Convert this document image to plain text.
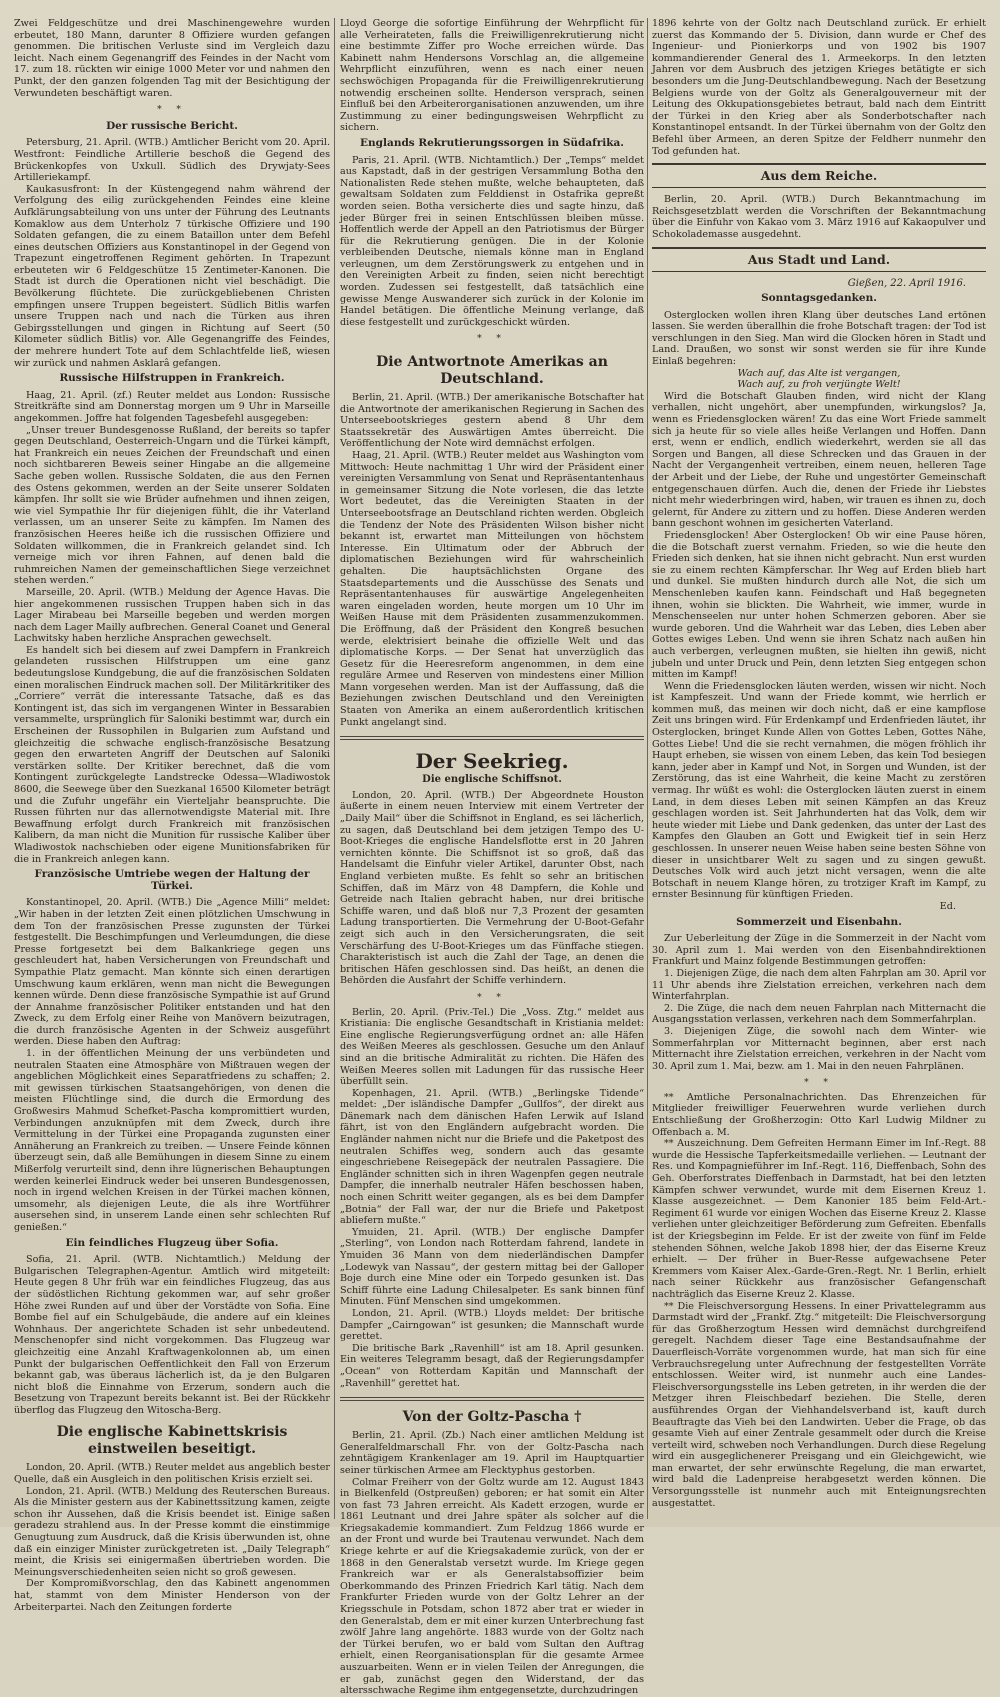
Zwei Feldgeschütze und drei Maschinengewehre wurden erbeutet, 180 Mann, darunter 8 Offiziere wurden gefangen genommen. Die britischen Verluste sind im Vergleich dazu leicht. Nach einem Gegenangriff des Feindes in der Nacht vom 17. zum 18. rückten wir einige 1000 Meter vor und nahmen den Punkt, der den ganzen folgenden Tag mit der Besichtigung der Verwundeten beschäftigt waren.

* *
Der russische Bericht.

Petersburg, 21. April. (WTB.) Amtlicher Bericht vom 20. April. Westfront: Feindliche Artillerie beschoß die Gegend des Brückenkopfes von Uxkull. Südlich des Drywjaty-Sees Artilleriekampf.

Kaukasusfront: In der Küstengegend nahm während der Verfolgung des eilig zurückgehenden Feindes eine kleine Aufklärungsabteilung von uns unter der Führung des Leutnants Komaklow aus dem Unterholz 7 türkische Offiziere und 190 Soldaten gefangen, die zu einem Bataillon unter dem Befehl eines deutschen Offiziers aus Konstantinopel in der Gegend von Trapezunt eingetroffenen Regiment gehörten. In Trapezunt erbeuteten wir 6 Feldgeschütze 15 Zentimeter-Kanonen. Die Stadt ist durch die Operationen nicht viel beschädigt. Die Bevölkerung flüchtete. Die zurückgebliebenen Christen empfingen unsere Truppen begeistert. Südlich Bitlis warfen unsere Truppen nach und nach die Türken aus ihren Gebirgsstellungen und gingen in Richtung auf Seert (50 Kilometer südlich Bitlis) vor. Alle Gegenangriffe des Feindes, der mehrere hundert Tote auf dem Schlachtfelde ließ, wiesen wir zurück und nahmen Asklarâ gefangen.

Russische Hilfstruppen in Frankreich.

Haag, 21. April. (zf.) Reuter meldet aus London: Russische Streitkräfte sind am Donnerstag morgen um 9 Uhr in Marseille angekommen. Joffre hat folgenden Tagesbefehl ausgegeben:

„Unser treuer Bundesgenosse Rußland, der bereits so tapfer gegen Deutschland, Oesterreich-Ungarn und die Türkei kämpft, hat Frankreich ein neues Zeichen der Freundschaft und einen noch sichtbareren Beweis seiner Hingabe an die allgemeine Sache geben wollen. Russische Soldaten, die aus den Fernen des Ostens gekommen, werden an der Seite unserer Soldaten kämpfen. Ihr sollt sie wie Brüder aufnehmen und ihnen zeigen, wie viel Sympathie Ihr für diejenigen fühlt, die ihr Vaterland verlassen, um an unserer Seite zu kämpfen. Im Namen des französischen Heeres heiße ich die russischen Offiziere und Soldaten willkommen, die in Frankreich gelandet sind. Ich verneige mich vor ihren Fahnen, auf denen bald die ruhmreichen Namen der gemeinschaftlichen Siege verzeichnet stehen werden.“

Marseille, 20. April. (WTB.) Meldung der Agence Havas. Die hier angekommenen russischen Truppen haben sich in das Lager Mirabeau bei Marseille begeben und werden morgen nach dem Lager Mailly aufbrechen. General Coanet und General Lachwitsky haben herzliche Ansprachen gewechselt.

Es handelt sich bei diesem auf zwei Dampfern in Frankreich gelandeten russischen Hilfstruppen um eine ganz bedeutungslose Kundgebung, die auf die französischen Soldaten einen moralischen Eindruck machen soll. Der Militärkritiker des „Corriere“ verrät die interessante Tatsache, daß es das Kontingent ist, das sich im vergangenen Winter in Bessarabien versammelte, ursprünglich für Saloniki bestimmt war, durch ein Erscheinen der Russophilen in Bulgarien zum Aufstand und gleichzeitig die schwache englisch-französische Besatzung gegen den erwarteten Angriff der Deutschen auf Saloniki verstärken sollte. Der Kritiker berechnet, daß die vom Kontingent zurückgelegte Landstrecke Odessa—Wladiwostok 8600, die Seewege über den Suezkanal 16500 Kilometer beträgt und die Zufuhr ungefähr ein Vierteljahr beanspruchte. Die Russen führten nur das allernotwendigste Material mit. Ihre Bewaffnung erfolgt durch Frankreich mit französischen Kalibern, da man nicht die Munition für russische Kaliber über Wladiwostok nachschieben oder eigene Munitionsfabriken für die in Frankreich anlegen kann.

Französische Umtriebe wegen der Haltung der Türkei.

Konstantinopel, 20. April. (WTB.) Die „Agence Milli“ meldet: „Wir haben in der letzten Zeit einen plötzlichen Umschwung in dem Ton der französischen Presse zugunsten der Türkei festgestellt. Die Beschimpfungen und Verleumdungen, die diese Presse fortgesetzt bei dem Balkankriege gegen uns geschleudert hat, haben Versicherungen von Freundschaft und Sympathie Platz gemacht. Man könnte sich einen derartigen Umschwung kaum erklären, wenn man nicht die Bewegungen kennen würde. Denn diese französische Sympathie ist auf Grund der Annahme französischer Politiker entstanden und hat den Zweck, zu dem Erfolg einer Reihe von Manövern beizutragen, die durch französische Agenten in der Schweiz ausgeführt werden. Diese haben den Auftrag:

1. in der öffentlichen Meinung der uns verbündeten und neutralen Staaten eine Atmosphäre von Mißtrauen wegen der angeblichen Möglichkeit eines Separatfriedens zu schaffen; 2. mit gewissen türkischen Staatsangehörigen, von denen die meisten Flüchtlinge sind, die durch die Ermordung des Großwesirs Mahmud Schefket-Pascha kompromittiert wurden, Verbindungen anzuknüpfen mit dem Zweck, durch ihre Vermittelung in der Türkei eine Propaganda zugunsten einer Annäherung an Frankreich zu treiben. — Unsere Feinde können überzeugt sein, daß alle Bemühungen in diesem Sinne zu einem Mißerfolg verurteilt sind, denn ihre lügnerischen Behauptungen werden keinerlei Eindruck weder bei unseren Bundesgenossen, noch in irgend welchen Kreisen in der Türkei machen können, umsomehr, als diejenigen Leute, die als ihre Wortführer ausersehen sind, in unserem Lande einen sehr schlechten Ruf genießen.“

Ein feindliches Flugzeug über Sofia.

Sofia, 21. April. (WTB. Nichtamtlich.) Meldung der Bulgarischen Telegraphen-Agentur. Amtlich wird mitgeteilt: Heute gegen 8 Uhr früh war ein feindliches Flugzeug, das aus der südöstlichen Richtung gekommen war, auf sehr großer Höhe zwei Runden auf und über der Vorstädte von Sofia. Eine Bombe fiel auf ein Schulgebäude, die andere auf ein kleines Wohnhaus. Der angerichtete Schaden ist sehr unbedeutend. Menschenopfer sind nicht vorgekommen. Das Flugzeug war gleichzeitig eine Anzahl Kraftwagenkolonnen ab, um einen Punkt der bulgarischen Oeffentlichkeit den Fall von Erzerum bekannt gab, was überaus lächerlich ist, da je den Bulgaren nicht bloß die Einnahme von Erzerum, sondern auch die Besetzung von Trapezunt bereits bekannt ist. Bei der Rückkehr überflog das Flugzeug den Witoscha-Berg.

Die englische Kabinettskrisis einstweilen beseitigt.

London, 20. April. (WTB.) Reuter meldet aus angeblich bester Quelle, daß ein Ausgleich in den politischen Krisis erzielt sei.

London, 21. April. (WTB.) Meldung des Reuterschen Bureaus. Als die Minister gestern aus der Kabinettssitzung kamen, zeigte schon ihr Aussehen, daß die Krisis beendet ist. Einige saßen geradezu strahlend aus. In der Presse kommt die einstimmige Genugtuung zum Ausdruck, daß die Krisis überwunden ist, ohne daß ein einziger Minister zurückgetreten ist. „Daily Telegraph“ meint, die Krisis sei einigermaßen übertrieben worden. Die Meinungsverschiedenheiten seien nicht so groß gewesen.

Der Kompromißvorschlag, den das Kabinett angenommen hat, stammt von dem Minister Henderson von der Arbeiterpartei. Nach den Zeitungen forderte

Lloyd George die sofortige Einführung der Wehrpflicht für alle Verheirateten, falls die Freiwilligenrekrutierung nicht eine bestimmte Ziffer pro Woche erreichen würde. Das Kabinett nahm Hendersons Vorschlag an, die allgemeine Wehrpflicht einzuführen, wenn es nach einer neuen sechswöchigen Propaganda für die Freiwilligenrekrutierung notwendig erscheinen sollte. Henderson versprach, seinen Einfluß bei den Arbeiterorganisationen anzuwenden, um ihre Zustimmung zu einer bedingungsweisen Wehrpflicht zu sichern.

Englands Rekrutierungssorgen in Südafrika.

Paris, 21. April. (WTB. Nichtamtlich.) Der „Temps“ meldet aus Kapstadt, daß in der gestrigen Versammlung Botha den Nationalisten Rede stehen mußte, welche behaupteten, daß gewaltsam Soldaten zum Felddienst in Ostafrika gepreßt worden seien. Botha versicherte dies und sagte hinzu, daß jeder Bürger frei in seinen Entschlüssen bleiben müsse. Hoffentlich werde der Appell an den Patriotismus der Bürger für die Rekrutierung genügen. Die in der Kolonie verbleibenden Deutsche, niemals könne man in England verleugnen, um dem Zerstörungswerk zu entgehen und in den Vereinigten Arbeit zu finden, seien nicht berechtigt worden. Zudessen sei festgestellt, daß tatsächlich eine gewisse Menge Auswanderer sich zurück in der Kolonie im Handel betätigen. Die öffentliche Meinung verlange, daß diese festgestellt und zurückgeschickt würden.

* *
Die Antwortnote Amerikas an Deutschland.

Berlin, 21. April. (WTB.) Der amerikanische Botschafter hat die Antwortnote der amerikanischen Regierung in Sachen des Unterseebootskrieges gestern abend 8 Uhr dem Staatssekretär des Auswärtigen Amtes überreicht. Die Veröffentlichung der Note wird demnächst erfolgen.

Haag, 21. April. (WTB.) Reuter meldet aus Washington vom Mittwoch: Heute nachmittag 1 Uhr wird der Präsident einer vereinigten Versammlung von Senat und Repräsentantenhaus in gemeinsamer Sitzung die Note vorlesen, die das letzte Wort bedeutet, das die Vereinigten Staaten in der Unterseebootsfrage an Deutschland richten werden. Obgleich die Tendenz der Note des Präsidenten Wilson bisher nicht bekannt ist, erwartet man Mitteilungen von höchstem Interesse. Ein Ultimatum oder der Abbruch der diplomatischen Beziehungen wird für wahrscheinlich gehalten. Die hauptsächlichsten Organe des Staatsdepartements und die Ausschüsse des Senats und Repräsentantenhauses für auswärtige Angelegenheiten waren eingeladen worden, heute morgen um 10 Uhr im Weißen Hause mit dem Präsidenten zusammenzukommen. Die Eröffnung, daß der Präsident den Kongreß besuchen werde, elektrisiert beinahe die offizielle Welt und das diplomatische Korps. — Der Senat hat unverzüglich das Gesetz für die Heeresreform angenommen, in dem eine reguläre Armee und Reserven von mindestens einer Million Mann vorgesehen werden. Man ist der Auffassung, daß die Beziehungen zwischen Deutschland und den Vereinigten Staaten von Amerika an einem außerordentlich kritischen Punkt angelangt sind.

Der Seekrieg.
Die englische Schiffsnot.

London, 20. April. (WTB.) Der Abgeordnete Houston äußerte in einem neuen Interview mit einem Vertreter der „Daily Mail“ über die Schiffsnot in England, es sei lächerlich, zu sagen, daß Deutschland bei dem jetzigen Tempo des U-Boot-Krieges die englische Handelsflotte erst in 20 Jahren vernichten könnte. Die Schiffsnot ist so groß, daß das Handelsamt die Einfuhr vieler Artikel, darunter Obst, nach England verbieten mußte. Es fehlt so sehr an britischen Schiffen, daß im März von 48 Dampfern, die Kohle und Getreide nach Italien gebracht haben, nur drei britische Schiffe waren, und daß bloß nur 7,3 Prozent der gesamten Ladung transportierten. Die Vermehrung der U-Boot-Gefahr zeigt sich auch in den Versicherungsraten, die seit Verschärfung des U-Boot-Krieges um das Fünffache stiegen. Charakteristisch ist auch die Zahl der Tage, an denen die britischen Häfen geschlossen sind. Das heißt, an denen die Behörden die Ausfahrt der Schiffe verhindern.

* *

Berlin, 20. April. (Priv.-Tel.) Die „Voss. Ztg.“ meldet aus Kristiania: Die englische Gesandtschaft in Kristiania meldet: Eine englische Regierungsverfügung ordnet an: alle Häfen des Weißen Meeres als geschlossen. Gesuche um den Anlauf sind an die britische Admiralität zu richten. Die Häfen des Weißen Meeres sollen mit Ladungen für das russische Heer überfüllt sein.

Kopenhagen, 21. April. (WTB.) „Berlingske Tidende“ meldet: „Der isländische Dampfer „Gullfos“, der direkt aus Dänemark nach dem dänischen Hafen Lerwik auf Island fährt, ist von den Engländern aufgebracht worden. Die Engländer nahmen nicht nur die Briefe und die Paketpost des neutralen Schiffes weg, sondern auch das gesamte eingeschriebene Reisegepäck der neutralen Passagiere. Die Engländer schnitten sich in ihren Wagenpfen gegen neutrale Dampfer, die innerhalb neutraler Häfen beschossen haben, noch einen Schritt weiter gegangen, als es bei dem Dampfer „Botnia“ der Fall war, der nur die Briefe und Paketpost abliefern mußte.“

Ymuiden, 21. April. (WTB.) Der englische Dampfer „Sterling“, von London nach Rotterdam fahrend, landete in Ymuiden 36 Mann von dem niederländischen Dampfer „Lodewyk van Nassau“, der gestern mittag bei der Galloper Boje durch eine Mine oder ein Torpedo gesunken ist. Das Schiff führte eine Ladung Chilesalpeter. Es sank binnen fünf Minuten. Fünf Menschen sind umgekommen.

London, 21. April. (WTB.) Lloyds meldet: Der britische Dampfer „Cairngowan“ ist gesunken; die Mannschaft wurde gerettet.

Die britische Bark „Ravenhill“ ist am 18. April gesunken. Ein weiteres Telegramm besagt, daß der Regierungsdampfer „Ocean“ von Rotterdam Kapitän und Mannschaft der „Ravenhill“ gerettet hat.

Von der Goltz-Pascha †

Berlin, 21. April. (Zb.) Nach einer amtlichen Meldung ist Generalfeldmarschall Fhr. von der Goltz-Pascha nach zehntägigem Krankenlager am 19. April im Hauptquartier seiner türkischen Armee am Flecktyphus gestorben.

Colmar Freiherr von der Goltz wurde am 12. August 1843 in Bielkenfeld (Ostpreußen) geboren; er hat somit ein Alter von fast 73 Jahren erreicht. Als Kadett erzogen, wurde er 1861 Leutnant und drei Jahre später als solcher auf die Kriegsakademie kommandiert. Zum Feldzug 1866 wurde er an der Front und wurde bei Trautenau verwundet. Nach dem Kriege kehrte er auf die Kriegsakademie zurück, von der er 1868 in den Generalstab versetzt wurde. Im Kriege gegen Frankreich war er als Generalstabsoffizier beim Oberkommando des Prinzen Friedrich Karl tätig. Nach dem Frankfurter Frieden wurde von der Goltz Lehrer an der Kriegsschule in Potsdam, schon 1872 aber trat er wieder in den Generalstab, dem er mit einer kurzen Unterbrechung fast zwölf Jahre lang angehörte. 1883 wurde von der Goltz nach der Türkei berufen, wo er bald vom Sultan den Auftrag erhielt, einen Reorganisationsplan für die gesamte Armee auszuarbeiten. Wenn er in vielen Teilen der Anregungen, die er gab, zunächst gegen den Widerstand, der das altersschwache Regime ihm entgegensetzte, durchzudringen

1896 kehrte von der Goltz nach Deutschland zurück. Er erhielt zuerst das Kommando der 5. Division, dann wurde er Chef des Ingenieur- und Pionierkorps und von 1902 bis 1907 kommandierender General des 1. Armeekorps. In den letzten Jahren vor dem Ausbruch des jetzigen Krieges betätigte er sich besonders um die Jung-Deutschlandbewegung. Nach der Besetzung Belgiens wurde von der Goltz als Generalgouverneur mit der Leitung des Okkupationsgebietes betraut, bald nach dem Eintritt der Türkei in den Krieg aber als Sonderbotschafter nach Konstantinopel entsandt. In der Türkei übernahm von der Goltz den Befehl über Armeen, an deren Spitze der Feldherr nunmehr den Tod gefunden hat.

Aus dem Reiche.

Berlin, 20. April. (WTB.) Durch Bekanntmachung im Reichsgesetzblatt werden die Vorschriften der Bekanntmachung über die Einfuhr von Kakao vom 3. März 1916 auf Kakaopulver und Schokolademasse ausgedehnt.

Aus Stadt und Land.
Gießen, 22. April 1916.
Sonntagsgedanken.

Osterglocken wollen ihren Klang über deutsches Land ertönen lassen. Sie werden überallhin die frohe Botschaft tragen: der Tod ist verschlungen in den Sieg. Man wird die Glocken hören in Stadt und Land. Draußen, wo sonst wir sonst werden sie für ihre Kunde Einlaß begehren:

Wach auf, das Alte ist vergangen,

Wach auf, zu froh verjüngte Welt!

Wird die Botschaft Glauben finden, wird nicht der Klang verhallen, nicht ungehört, aber unempfunden, wirkungslos? Ja, wenn es Friedensglocken wären! Zu das eine Wort Friede sammelt sich ja heute für so viele alles heiße Verlangen und Hoffen. Dann erst, wenn er endlich, endlich wiederkehrt, werden sie all das Sorgen und Bangen, all diese Schrecken und das Grauen in der Nacht der Vergangenheit vertreiben, einem neuen, helleren Tage der Arbeit und der Liebe, der Ruhe und ungestörter Gemeinschaft entgegenschauen dürfen. Auch die, denen der Friede ihr Liebstes nicht mehr wiederbringen wird, haben, wir trauen es ihnen zu, doch gelernt, für Andere zu zittern und zu hoffen. Diese Anderen werden bann geschont wohnen im gesicherten Vaterland.

Friedensglocken! Aber Osterglocken! Ob wir eine Pause hören, die die Botschaft zuerst vernahm. Frieden, so wie die heute den Frieden sich denken, hat sie ihnen nicht gebracht. Nun erst wurden sie zu einem rechten Kämpferschar. Ihr Weg auf Erden blieb hart und dunkel. Sie mußten hindurch durch alle Not, die sich um Menschenleben kaufen kann. Feindschaft und Haß begegneten ihnen, wohin sie blickten. Die Wahrheit, wie immer, wurde in Menschenseelen nur unter hohen Schmerzen geboren. Aber sie wurde geboren. Und die Wahrheit war das Leben, dies Leben aber Gottes ewiges Leben. Und wenn sie ihren Schatz nach außen hin auch verbergen, verleugnen mußten, sie hielten ihn gewiß, nicht jubeln und unter Druck und Pein, denn letzten Sieg entgegen schon mitten im Kampf!

Wenn die Friedensglocken läuten werden, wissen wir nicht. Noch ist Kampfeszeit. Und wann der Friede kommt, wie herrlich er kommen muß, das meinen wir doch nicht, daß er eine kampflose Zeit uns bringen wird. Für Erdenkampf und Erdenfrieden läutet, ihr Osterglocken, bringet Kunde Allen von Gottes Leben, Gottes Nähe, Gottes Liebe! Und die sie recht vernahmen, die mögen fröhlich ihr Haupt erheben, sie wissen von einem Leben, das kein Tod besiegen kann, jeder aber in Kampf und Not, in Sorgen und Wunden, ist der Zerstörung, das ist eine Wahrheit, die keine Macht zu zerstören vermag. Ihr wüßt es wohl: die Osterglocken läuten zuerst in einem Land, in dem dieses Leben mit seinen Kämpfen an das Kreuz geschlagen worden ist. Seit Jahrhunderten hat das Volk, dem wir heute wieder mit Liebe und Dank gedenken, das unter der Last des Kampfes den Glauben an Gott und Ewigkeit tief in sein Herz geschlossen. In unserer neuen Weise haben seine besten Söhne von dieser in unsichtbarer Welt zu sagen und zu singen gewußt. Deutsches Volk wird auch jetzt nicht versagen, wenn die alte Botschaft in neuem Klange hören, zu trotziger Kraft im Kampf, zu ernster Besinnung für künftigen Frieden.

Ed.

Sommerzeit und Eisenbahn.

Zur Ueberleitung der Züge in die Sommerzeit in der Nacht vom 30. April zum 1. Mai werden von den Eisenbahndirektionen Frankfurt und Mainz folgende Bestimmungen getroffen:

1. Diejenigen Züge, die nach dem alten Fahrplan am 30. April vor 11 Uhr abends ihre Zielstation erreichen, verkehren nach dem Winterfahrplan.

2. Die Züge, die nach dem neuen Fahrplan nach Mitternacht die Ausgangsstation verlassen, verkehren nach dem Sommerfahrplan.

3. Diejenigen Züge, die sowohl nach dem Winter- wie Sommerfahrplan vor Mitternacht beginnen, aber erst nach Mitternacht ihre Zielstation erreichen, verkehren in der Nacht vom 30. April zum 1. Mai, bezw. am 1. Mai in den neuen Fahrplänen.

* *

** Amtliche Personalnachrichten. Das Ehrenzeichen für Mitglieder freiwilliger Feuerwehren wurde verliehen durch Entschließung der Großherzogin: Otto Karl Ludwig Mildner zu Offenbach a. M.

** Auszeichnung. Dem Gefreiten Hermann Eimer im Inf.-Regt. 88 wurde die Hessische Tapferkeitsmedaille verliehen. — Leutnant der Res. und Kompagnieführer im Inf.-Regt. 116, Dieffenbach, Sohn des Geh. Oberforstrates Dieffenbach in Darmstadt, hat bei den letzten Kämpfen schwer verwundet, wurde mit dem Eisernen Kreuz 1. Klasse ausgezeichnet. — Dem Kanonier 185 beim Feld-Art.-Regiment 61 wurde vor einigen Wochen das Eiserne Kreuz 2. Klasse verliehen unter gleichzeitiger Beförderung zum Gefreiten. Ebenfalls ist der Kriegsbeginn im Felde. Er ist der zweite von fünf im Felde stehenden Söhnen, welche Jakob 1898 hier, der das Eiserne Kreuz erhielt. — Der früher in Buer-Resse aufgewachsene Peter Kremmers vom Kaiser Alex.-Garde-Gren.-Regt. Nr. 1 Berlin, erhielt nach seiner Rückkehr aus französischer Gefangenschaft nachträglich das Eiserne Kreuz 2. Klasse.

** Die Fleischversorgung Hessens. In einer Privattelegramm aus Darmstadt wird der „Frankf. Ztg.“ mitgeteilt: Die Fleischversorgung für das Großherzogtum Hessen wird demnächst durchgreifend geregelt. Nachdem dieser Tage eine Bestandsaufnahme der Dauerfleisch-Vorräte vorgenommen wurde, hat man sich für eine Verbrauchsregelung unter Aufrechnung der festgestellten Vorräte entschlossen. Weiter wird, ist nunmehr auch eine Landes-Fleischversorgungsstelle ins Leben getreten, in ihr werden die der Metzger ihren Fleischbedarf beziehen. Die Stelle, deren ausführendes Organ der Viehhandelsverband ist, kauft durch Beauftragte das Vieh bei den Landwirten. Ueber die Frage, ob das gesamte Vieh auf einer Zentrale gesammelt oder durch die Kreise verteilt wird, schweben noch Verhandlungen. Durch diese Regelung wird ein ausgeglichenerer Preisgang und ein Gleichgewicht, wie man erwartet, der sehr erwünschte Regelung, die man erwartet, wird bald die Ladenpreise herabgesetzt werden können. Die Versorgungsstelle ist nunmehr auch mit Enteignungsrechten ausgestattet.
